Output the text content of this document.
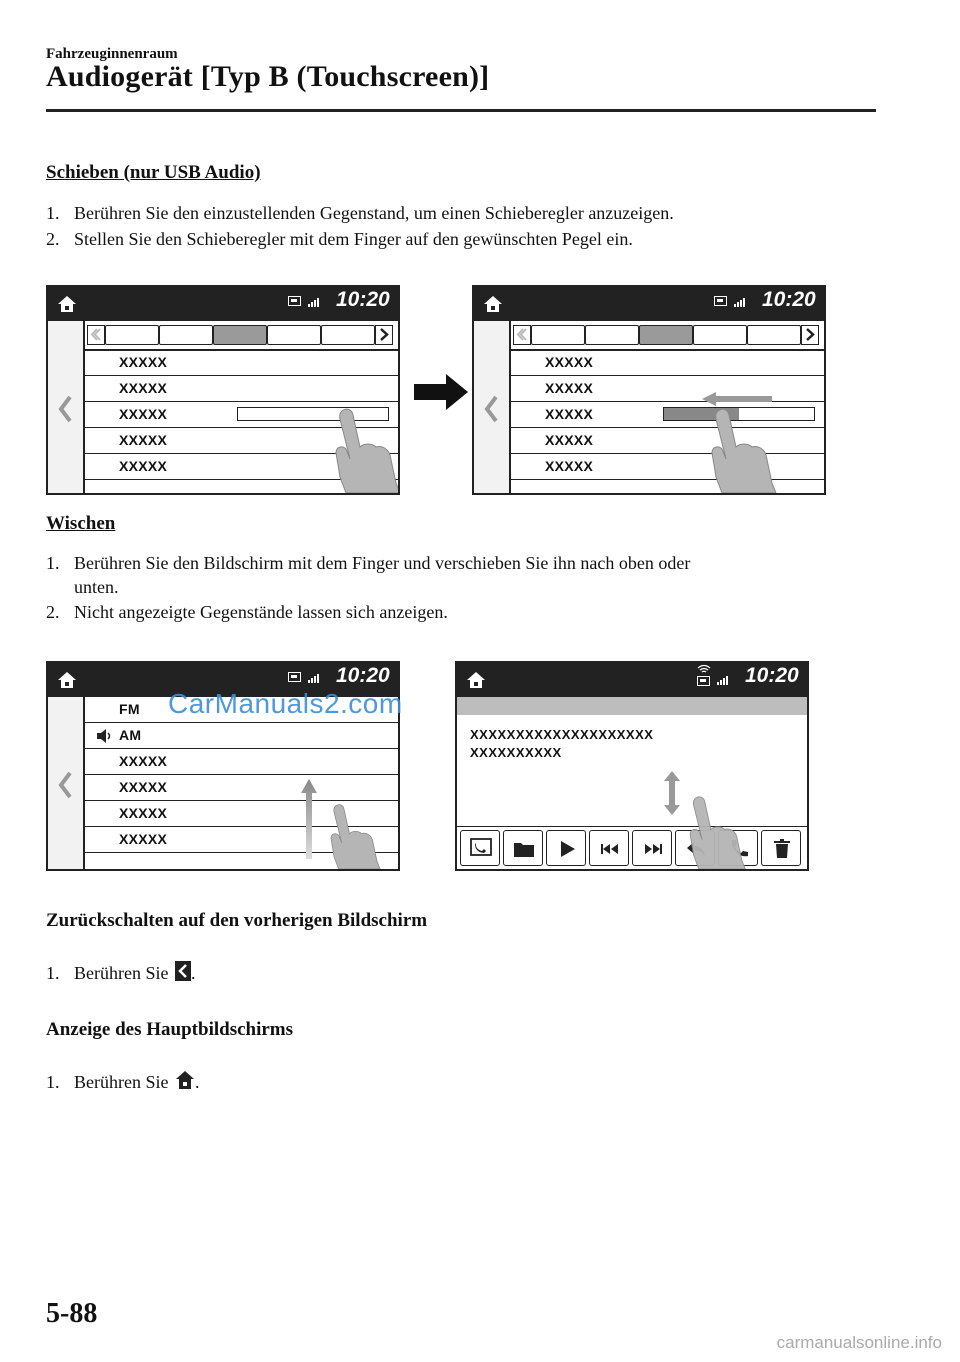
Fahrzeuginnenraum
Audiogerät [Typ B (Touchscreen)]
Schieben (nur USB Audio)
1. Berühren Sie den einzustellenden Gegenstand, um einen Schieberegler anzuzeigen.
2. Stellen Sie den Schieberegler mit dem Finger auf den gewünschten Pegel ein.
10:20
XXXXX
XXXXX
XXXXX
XXXXX
XXXXX
10:20
XXXXX
XXXXX
XXXXX
XXXXX
XXXXX
Wischen
1. Berühren Sie den Bildschirm mit dem Finger und verschieben Sie ihn nach oben oder
unten.
2. Nicht angezeigte Gegenstände lassen sich anzeigen.
10:20
FM
AM
XXXXX
XXXXX
XXXXX
XXXXX
CarManuals2.com
10:20
XXXXXXXXXXXXXXXXXXXX
XXXXXXXXXX
Zurückschalten auf den vorherigen Bildschirm
1. Berühren Sie .
Anzeige des Hauptbildschirms
1. Berühren Sie .
5-88
carmanualsonline.info
